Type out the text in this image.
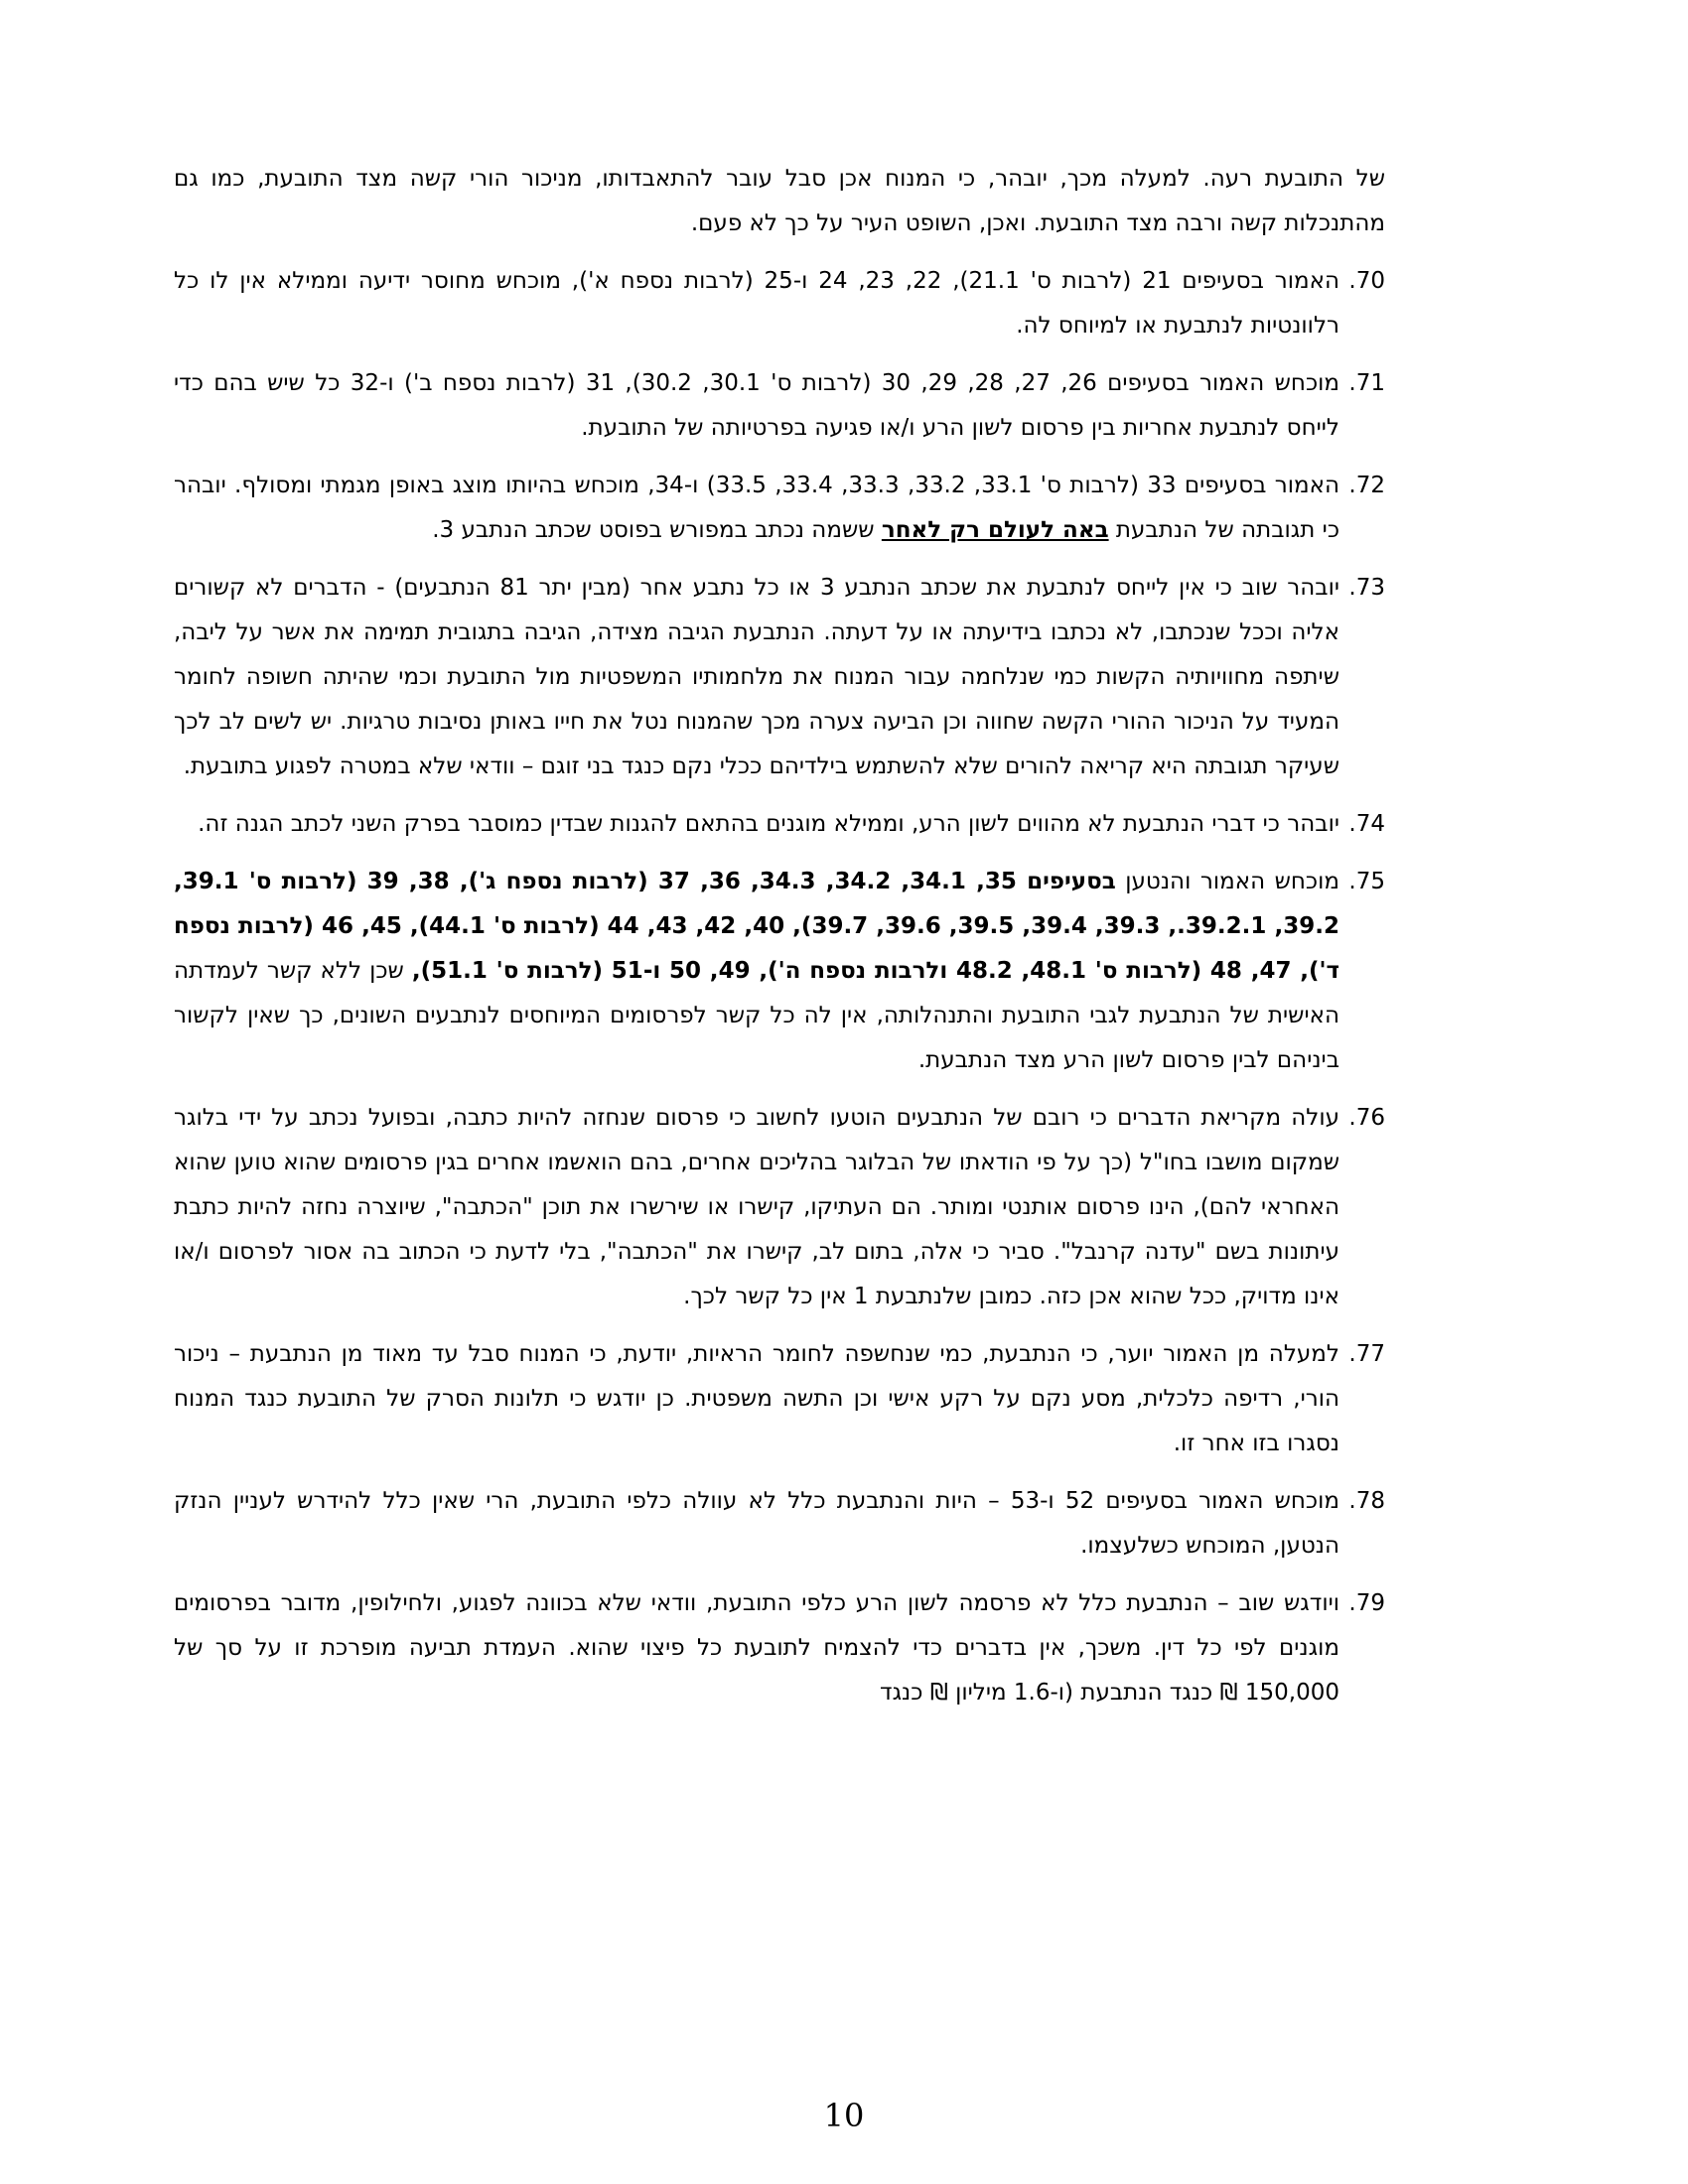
של התובעת רעה. למעלה מכך, יובהר, כי המנוח אכן סבל עובר להתאבדותו, מניכור הורי קשה מצד התובעת, כמו גם מהתנכלות קשה ורבה מצד התובעת. ואכן, השופט העיר על כך לא פעם.
70.
האמור בסעיפים 21 (לרבות ס' 21.1), 22, 23, 24 ו-25 (לרבות נספח א'), מוכחש מחוסר ידיעה וממילא אין לו כל רלוונטיות לנתבעת או למיוחס לה.
71.
מוכחש האמור בסעיפים 26, 27, 28, 29, 30 (לרבות ס' 30.1, 30.2), 31 (לרבות נספח ב') ו-32 כל שיש בהם כדי לייחס לנתבעת אחריות בין פרסום לשון הרע ו/או פגיעה בפרטיותה של התובעת.
72.
האמור בסעיפים 33 (לרבות ס' 33.1, 33.2, 33.3, 33.4, 33.5) ו-34, מוכחש בהיותו מוצג באופן מגמתי ומסולף. יובהר כי תגובתה של הנתבעת באה לעולם רק לאחר ששמה נכתב במפורש בפוסט שכתב הנתבע 3.
73.
יובהר שוב כי אין לייחס לנתבעת את שכתב הנתבע 3 או כל נתבע אחר (מבין יתר 81 הנתבעים) - הדברים לא קשורים אליה וככל שנכתבו, לא נכתבו בידיעתה או על דעתה. הנתבעת הגיבה מצידה, הגיבה בתגובית תמימה את אשר על ליבה, שיתפה מחוויותיה הקשות כמי שנלחמה עבור המנוח את מלחמותיו המשפטיות מול התובעת וכמי שהיתה חשופה לחומר המעיד על הניכור ההורי הקשה שחווה וכן הביעה צערה מכך שהמנוח נטל את חייו באותן נסיבות טרגיות. יש לשים לב לכך שעיקר תגובתה היא קריאה להורים שלא להשתמש בילדיהם ככלי נקם כנגד בני זוגם – וודאי שלא במטרה לפגוע בתובעת.
74.
יובהר כי דברי הנתבעת לא מהווים לשון הרע, וממילא מוגנים בהתאם להגנות שבדין כמוסבר בפרק השני לכתב הגנה זה.
75.
מוכחש האמור והנטען בסעיפים 35, 34.1, 34.2, 34.3, 36, 37 (לרבות נספח ג'), 38, 39 (לרבות ס' 39.1, 39.2, 39.2.1., 39.3, 39.4, 39.5, 39.6, 39.7), 40, 42, 43, 44 (לרבות ס' 44.1), 45, 46 (לרבות נספח ד'), 47, 48 (לרבות ס' 48.1, 48.2 ולרבות נספח ה'), 49, 50 ו-51 (לרבות ס' 51.1), שכן ללא קשר לעמדתה האישית של הנתבעת לגבי התובעת והתנהלותה, אין לה כל קשר לפרסומים המיוחסים לנתבעים השונים, כך שאין לקשור ביניהם לבין פרסום לשון הרע מצד הנתבעת.
76.
עולה מקריאת הדברים כי רובם של הנתבעים הוטעו לחשוב כי פרסום שנחזה להיות כתבה, ובפועל נכתב על ידי בלוגר שמקום מושבו בחו"ל (כך על פי הודאתו של הבלוגר בהליכים אחרים, בהם הואשמו אחרים בגין פרסומים שהוא טוען שהוא האחראי להם), הינו פרסום אותנטי ומותר. הם העתיקו, קישרו או שירשרו את תוכן "הכתבה", שיוצרה נחזה להיות כתבת עיתונות בשם "עדנה קרנבל". סביר כי אלה, בתום לב, קישרו את "הכתבה", בלי לדעת כי הכתוב בה אסור לפרסום ו/או אינו מדויק, ככל שהוא אכן כזה. כמובן שלנתבעת 1 אין כל קשר לכך.
77.
למעלה מן האמור יוער, כי הנתבעת, כמי שנחשפה לחומר הראיות, יודעת, כי המנוח סבל עד מאוד מן הנתבעת – ניכור הורי, רדיפה כלכלית, מסע נקם על רקע אישי וכן התשה משפטית. כן יודגש כי תלונות הסרק של התובעת כנגד המנוח נסגרו בזו אחר זו.
78.
מוכחש האמור בסעיפים 52 ו-53 – היות והנתבעת כלל לא עוולה כלפי התובעת, הרי שאין כלל להידרש לעניין הנזק הנטען, המוכחש כשלעצמו.
79.
ויודגש שוב – הנתבעת כלל לא פרסמה לשון הרע כלפי התובעת, וודאי שלא בכוונה לפגוע, ולחילופין, מדובר בפרסומים מוגנים לפי כל דין. משכך, אין בדברים כדי להצמיח לתובעת כל פיצוי שהוא. העמדת תביעה מופרכת זו על סך של 150,000 ₪ כנגד הנתבעת (ו-1.6 מיליון ₪ כנגד
10
